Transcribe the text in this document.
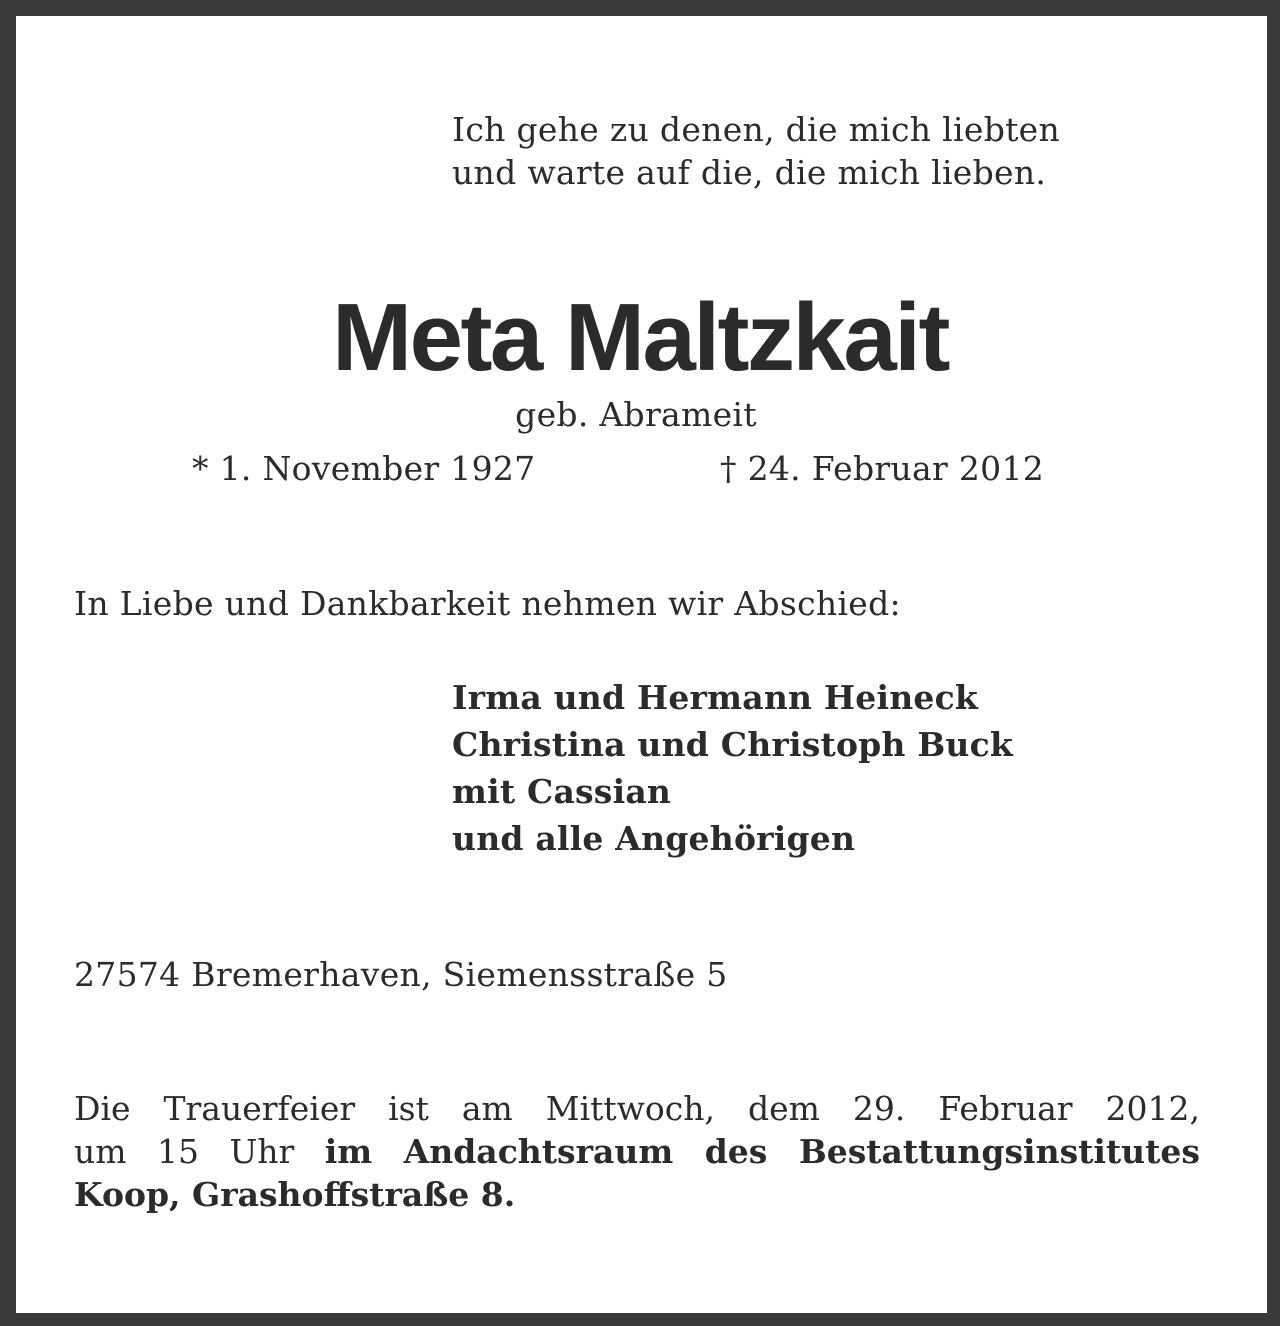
Ich gehe zu denen, die mich liebten
und warte auf die, die mich lieben.
Meta Maltzkait
geb. Abrameit
* 1. November 1927	† 24. Februar 2012
In Liebe und Dankbarkeit nehmen wir Abschied:
Irma und Hermann Heineck
Christina und Christoph Buck
mit Cassian
und alle Angehörigen
27574 Bremerhaven, Siemensstraße 5
Die Trauerfeier ist am Mittwoch, dem 29. Februar 2012,
um 15 Uhr im Andachtsraum des Bestattungsinstitutes
Koop, Grashoffstraße 8.
